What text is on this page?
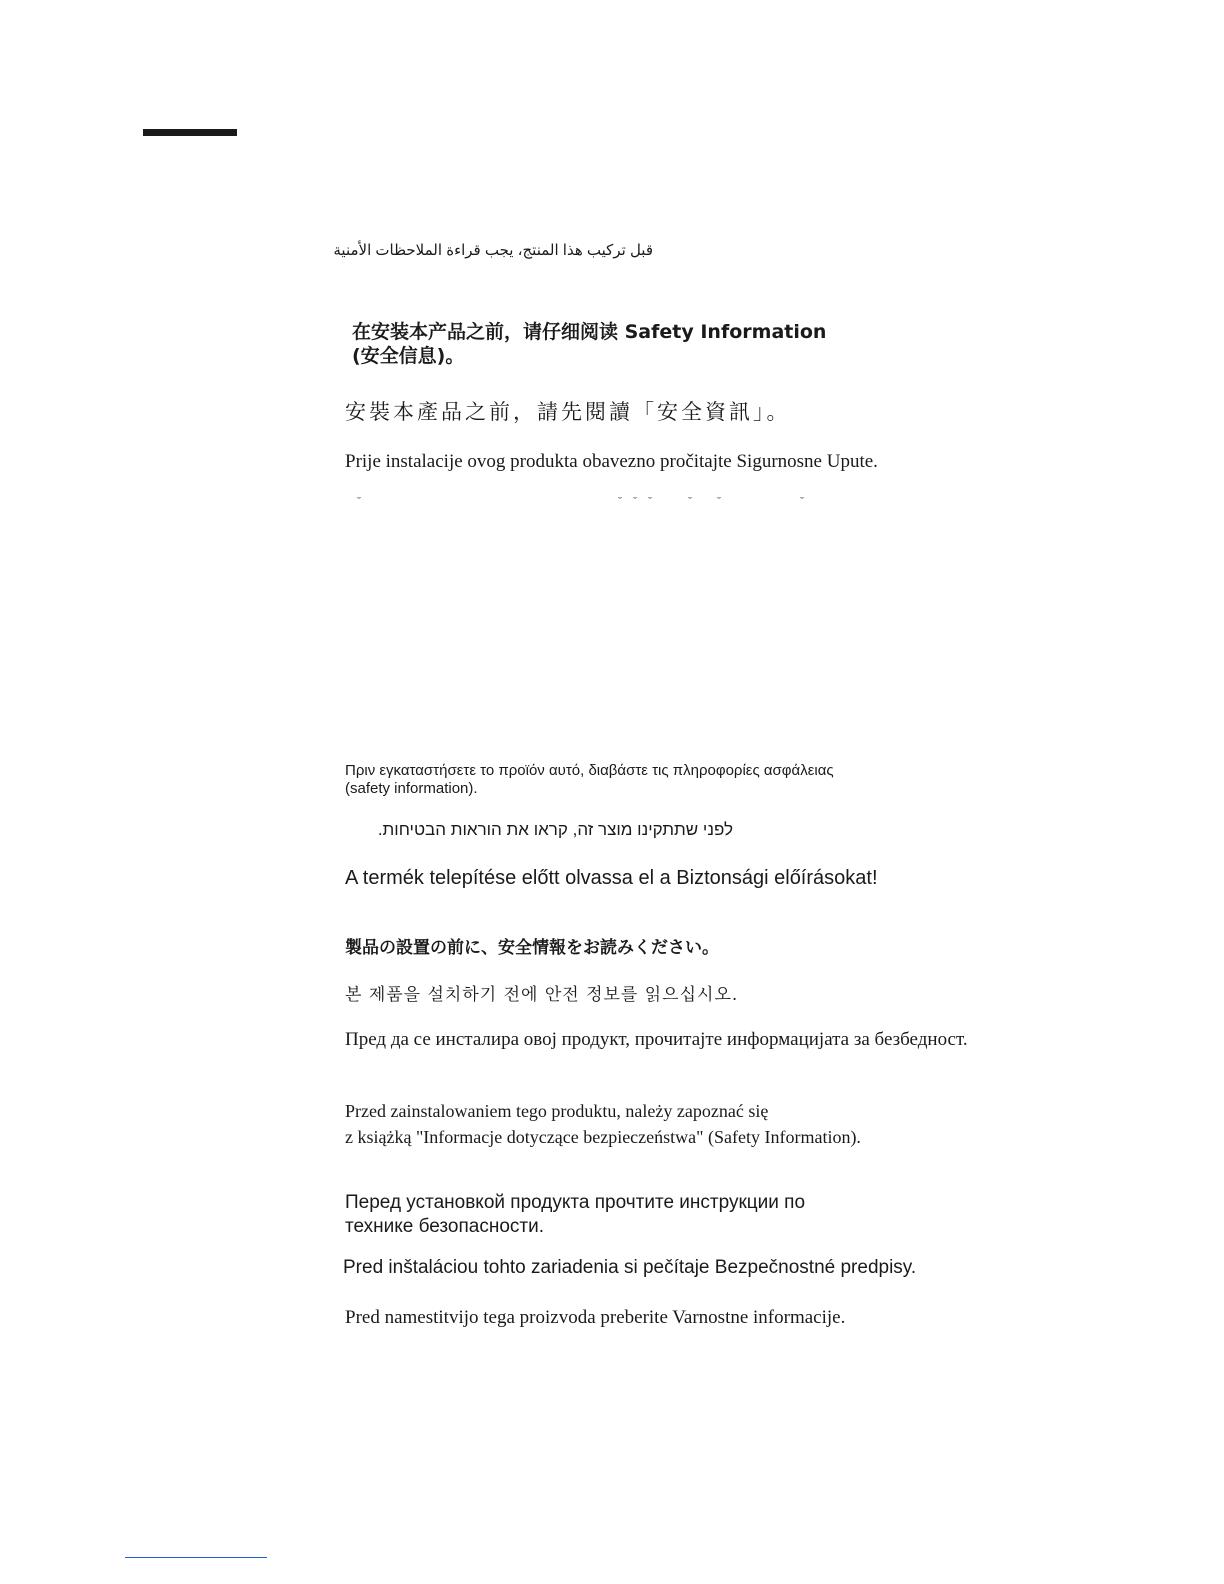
قبل تركيب هذا المنتج، يجب قراءة الملاحظات الأمنية
在安装本产品之前，请仔细阅读 Safety Information
(安全信息)。
安裝本產品之前，請先閱讀「安全資訊」。
Prije instalacije ovog produkta obavezno pročitajte Sigurnosne Upute.
˘	˘ ˘ ˘	˘ ˘	˘
Πριν εγκαταστήσετε το προϊόν αυτό, διαβάστε τις πληροφορίες ασφάλειας
(safety information).
לפני שתתקינו מוצר זה, קראו את הוראות הבטיחות.
A termék telepítése előtt olvassa el a Biztonsági előírásokat!
製品の設置の前に、安全情報をお読みください。
본 제품을 설치하기 전에 안전 정보를 읽으십시오.
Пред да се инсталира овој продукт, прочитајте информацијата за безбедност.
Przed zainstalowaniem tego produktu, należy zapoznać się
z książką "Informacje dotyczące bezpieczeństwa" (Safety Information).
Перед установкой продукта прочтите инструкции по
технике безопасности.
Pred inštaláciou tohto zariadenia si pečítaje Bezpečnostné predpisy.
Pred namestitvijo tega proizvoda preberite Varnostne informacije.
